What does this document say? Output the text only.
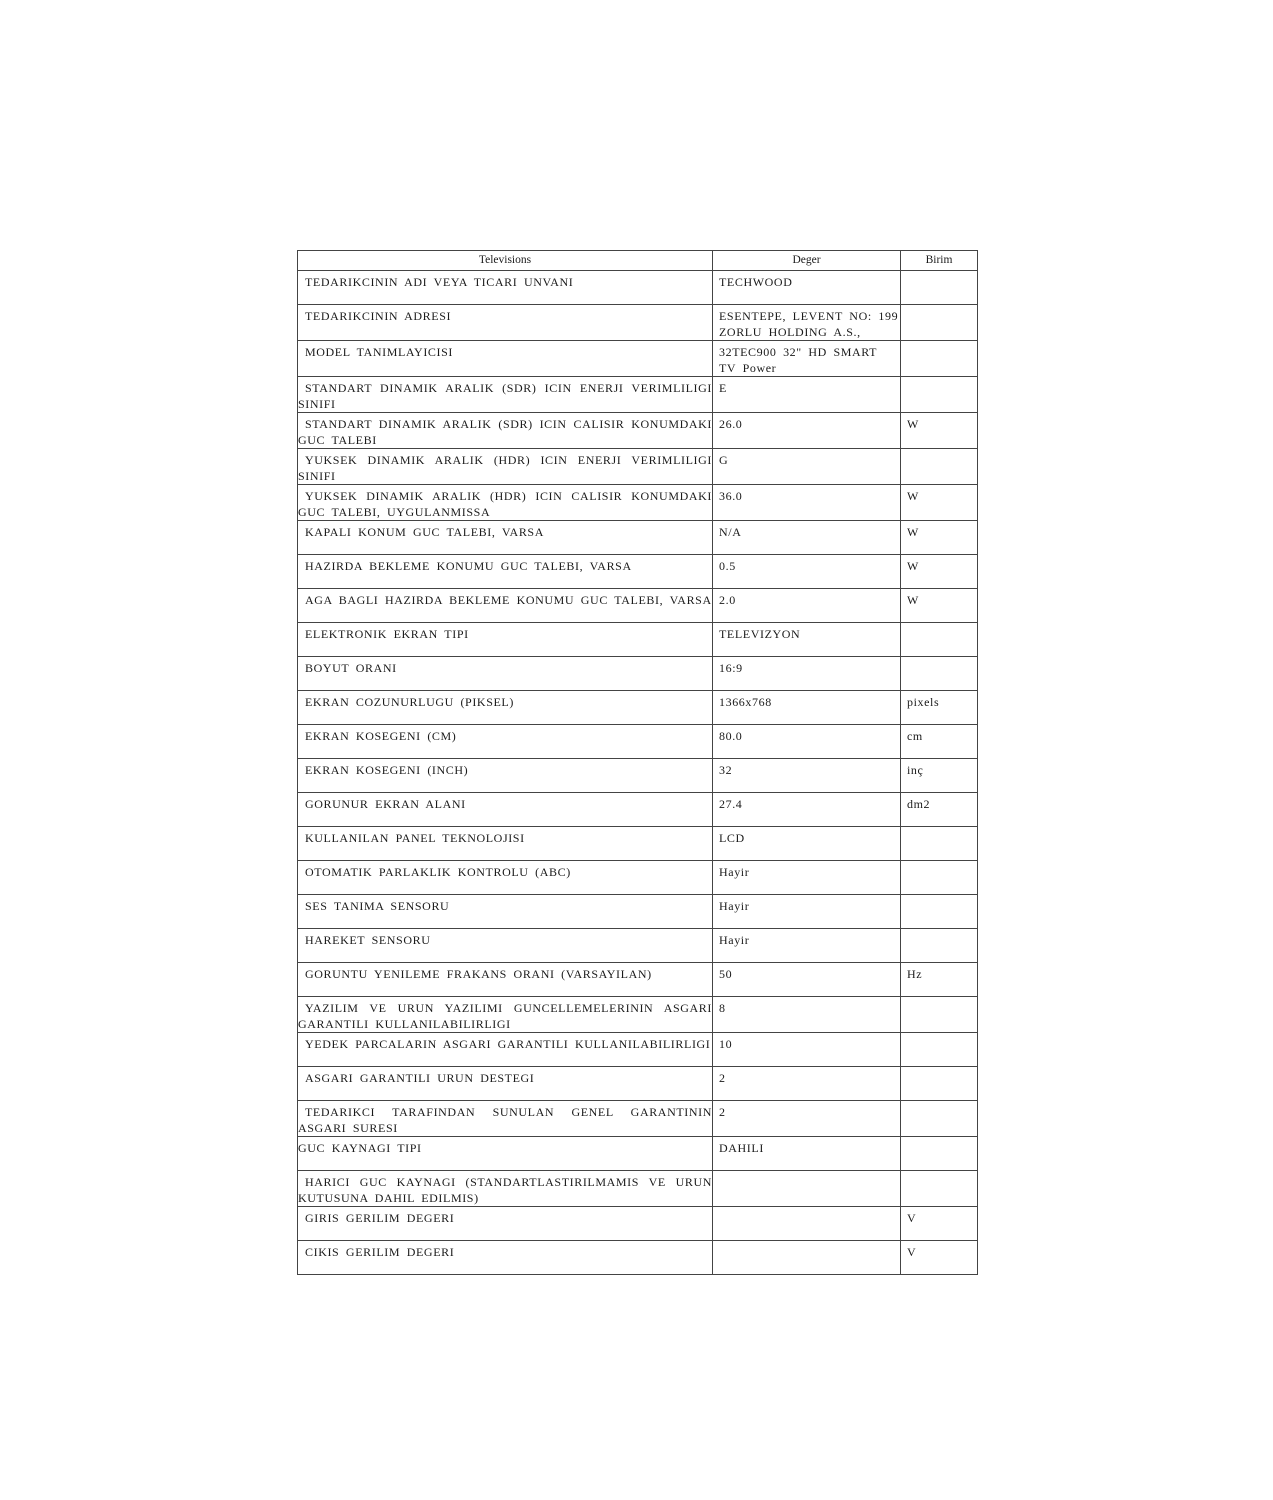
Televisions	Deger	Birim

TEDARIKCININ ADI VEYA TICARI UNVANI	TECHWOOD	

TEDARIKCININ ADRESI	ESENTEPE, LEVENT NO: 199 ZORLU HOLDING A.S.,	

MODEL TANIMLAYICISI	32TEC900 32" HD SMART TV Power	

STANDART DINAMIK ARALIK (SDR) ICIN ENERJI VERIMLILIGI SINIFI	E	

STANDART DINAMIK ARALIK (SDR) ICIN CALISIR KONUMDAKI GUC TALEBI	26.0	W

YUKSEK DINAMIK ARALIK (HDR) ICIN ENERJI VERIMLILIGI SINIFI	G	

YUKSEK DINAMIK ARALIK (HDR) ICIN CALISIR KONUMDAKI GUC TALEBI, UYGULANMISSA	36.0	W

KAPALI KONUM GUC TALEBI, VARSA	N/A	W

HAZIRDA BEKLEME KONUMU GUC TALEBI, VARSA	0.5	W

AGA BAGLI HAZIRDA BEKLEME KONUMU GUC TALEBI, VARSA	2.0	W

ELEKTRONIK EKRAN TIPI	TELEVIZYON	

BOYUT ORANI	16:9	

EKRAN COZUNURLUGU (PIKSEL)	1366x768	pixels

EKRAN KOSEGENI (CM)	80.0	cm

EKRAN KOSEGENI (INCH)	32	inç

GORUNUR EKRAN ALANI	27.4	dm2

KULLANILAN PANEL TEKNOLOJISI	LCD	

OTOMATIK PARLAKLIK KONTROLU (ABC)	Hayir	

SES TANIMA SENSORU	Hayir	

HAREKET SENSORU	Hayir	

GORUNTU YENILEME FRAKANS ORANI (VARSAYILAN)	50	Hz

YAZILIM VE URUN YAZILIMI GUNCELLEMELERININ ASGARI GARANTILI KULLANILABILIRLIGI	8	

YEDEK PARCALARIN ASGARI GARANTILI KULLANILABILIRLIGI	10	

ASGARI GARANTILI URUN DESTEGI	2	

TEDARIKCI TARAFINDAN SUNULAN GENEL GARANTININ ASGARI SURESI	2	

GUC KAYNAGI TIPI	DAHILI	

HARICI GUC KAYNAGI (STANDARTLASTIRILMAMIS VE URUN KUTUSUNA DAHIL EDILMIS)		

GIRIS GERILIM DEGERI		V

CIKIS GERILIM DEGERI		V
